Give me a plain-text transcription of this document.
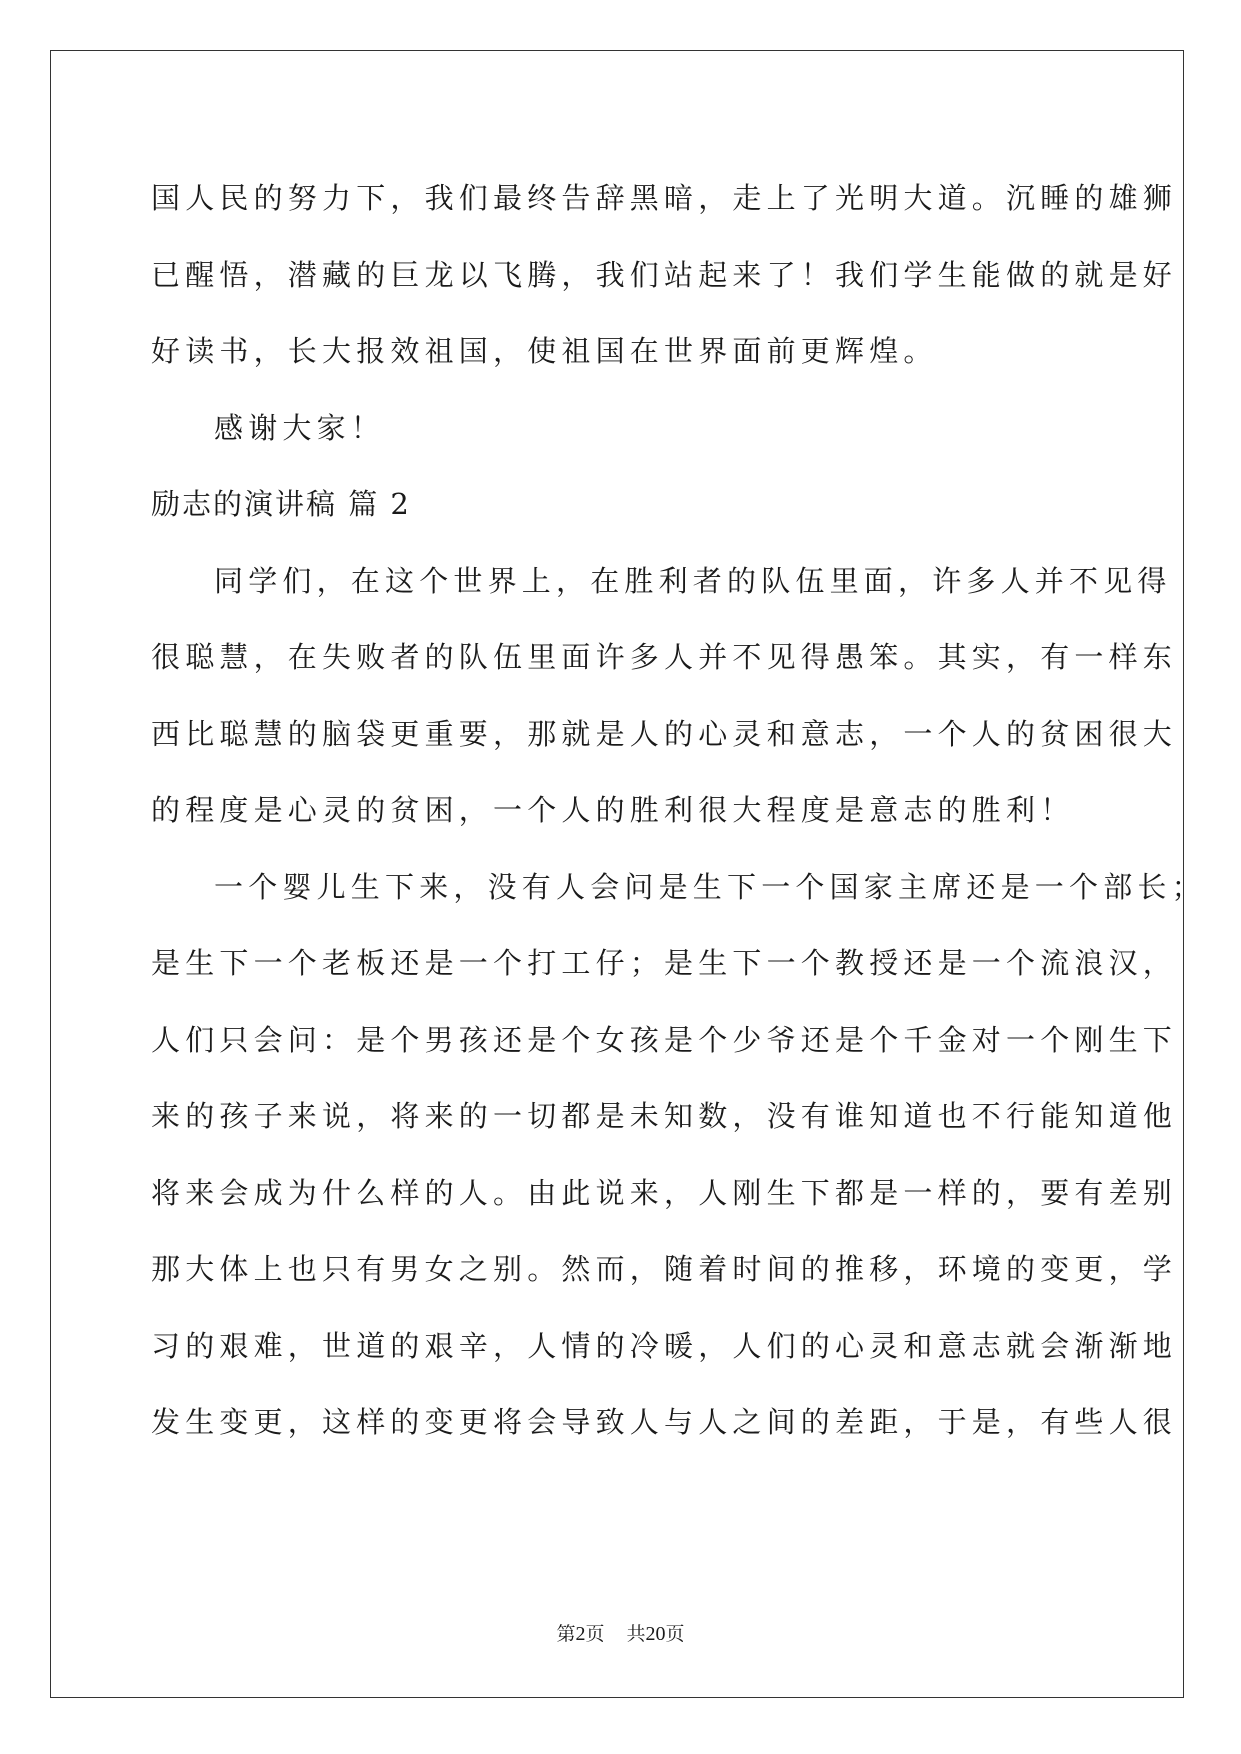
国人民的努力下，我们最终告辞黑暗，走上了光明大道。沉睡的雄狮
已醒悟，潜藏的巨龙以飞腾，我们站起来了！我们学生能做的就是好
好读书，长大报效祖国，使祖国在世界面前更辉煌。
感谢大家！
励志的演讲稿 篇 2
同学们，在这个世界上，在胜利者的队伍里面，许多人并不见得
很聪慧，在失败者的队伍里面许多人并不见得愚笨。其实，有一样东
西比聪慧的脑袋更重要，那就是人的心灵和意志，一个人的贫困很大
的程度是心灵的贫困，一个人的胜利很大程度是意志的胜利！
一个婴儿生下来，没有人会问是生下一个国家主席还是一个部长；
是生下一个老板还是一个打工仔；是生下一个教授还是一个流浪汉，
人们只会问：是个男孩还是个女孩是个少爷还是个千金对一个刚生下
来的孩子来说，将来的一切都是未知数，没有谁知道也不行能知道他
将来会成为什么样的人。由此说来，人刚生下都是一样的，要有差别
那大体上也只有男女之别。然而，随着时间的推移，环境的变更，学
习的艰难，世道的艰辛，人情的冷暖，人们的心灵和意志就会渐渐地
发生变更，这样的变更将会导致人与人之间的差距，于是，有些人很
第2页 共20页
